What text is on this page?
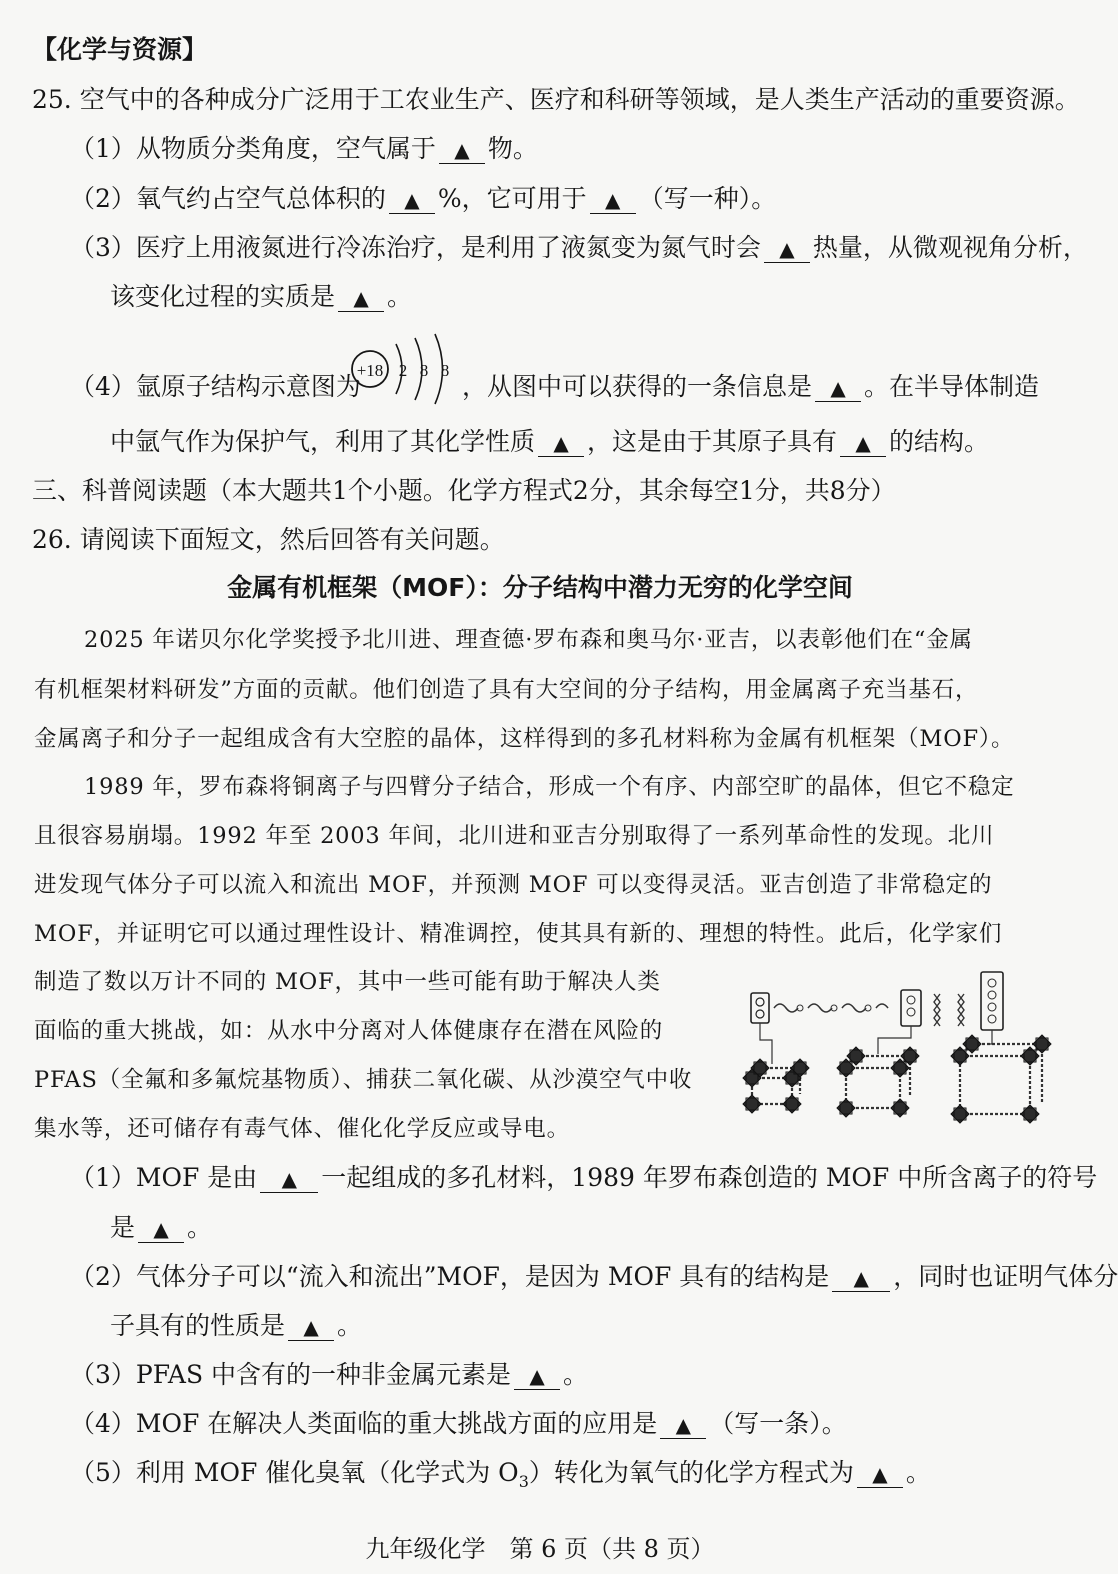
【化学与资源】
25. 空气中的各种成分广泛用于工农业生产、医疗和科研等领域，是人类生产活动的重要资源。
（1）从物质分类角度，空气属于 ▲ 物。
（2）氧气约占空气总体积的 ▲ %，它可用于 ▲ （写一种）。
（3）医疗上用液氮进行冷冻治疗，是利用了液氮变为氮气时会 ▲ 热量，从微观视角分析，
该变化过程的实质是 ▲ 。
（4）氩原子结构示意图为
+18 2 8 8
，从图中可以获得的一条信息是 ▲ 。在半导体制造
中氩气作为保护气，利用了其化学性质 ▲ ，这是由于其原子具有 ▲ 的结构。
三、科普阅读题（本大题共1个小题。化学方程式2分，其余每空1分，共8分）
26. 请阅读下面短文，然后回答有关问题。
金属有机框架（MOF）：分子结构中潜力无穷的化学空间
2025 年诺贝尔化学奖授予北川进、理查德·罗布森和奥马尔·亚吉，以表彰他们在“金属
有机框架材料研发”方面的贡献。他们创造了具有大空间的分子结构，用金属离子充当基石，
金属离子和分子一起组成含有大空腔的晶体，这样得到的多孔材料称为金属有机框架（MOF）。
1989 年，罗布森将铜离子与四臂分子结合，形成一个有序、内部空旷的晶体，但它不稳定
且很容易崩塌。1992 年至 2003 年间，北川进和亚吉分别取得了一系列革命性的发现。北川
进发现气体分子可以流入和流出 MOF，并预测 MOF 可以变得灵活。亚吉创造了非常稳定的
MOF，并证明它可以通过理性设计、精准调控，使其具有新的、理想的特性。此后，化学家们
制造了数以万计不同的 MOF，其中一些可能有助于解决人类
面临的重大挑战，如：从水中分离对人体健康存在潜在风险的
PFAS（全氟和多氟烷基物质）、捕获二氧化碳、从沙漠空气中收
集水等，还可储存有毒气体、催化化学反应或导电。
（1）MOF 是由 ▲ 一起组成的多孔材料，1989 年罗布森创造的 MOF 中所含离子的符号
是 ▲ 。
（2）气体分子可以“流入和流出”MOF，是因为 MOF 具有的结构是 ▲ ，同时也证明气体分
子具有的性质是 ▲ 。
（3）PFAS 中含有的一种非金属元素是 ▲ 。
（4）MOF 在解决人类面临的重大挑战方面的应用是 ▲ （写一条）。
（5）利用 MOF 催化臭氧（化学式为 $O_3$）转化为氧气的化学方程式为 ▲ 。
九年级化学　第 6 页（共 8 页）
